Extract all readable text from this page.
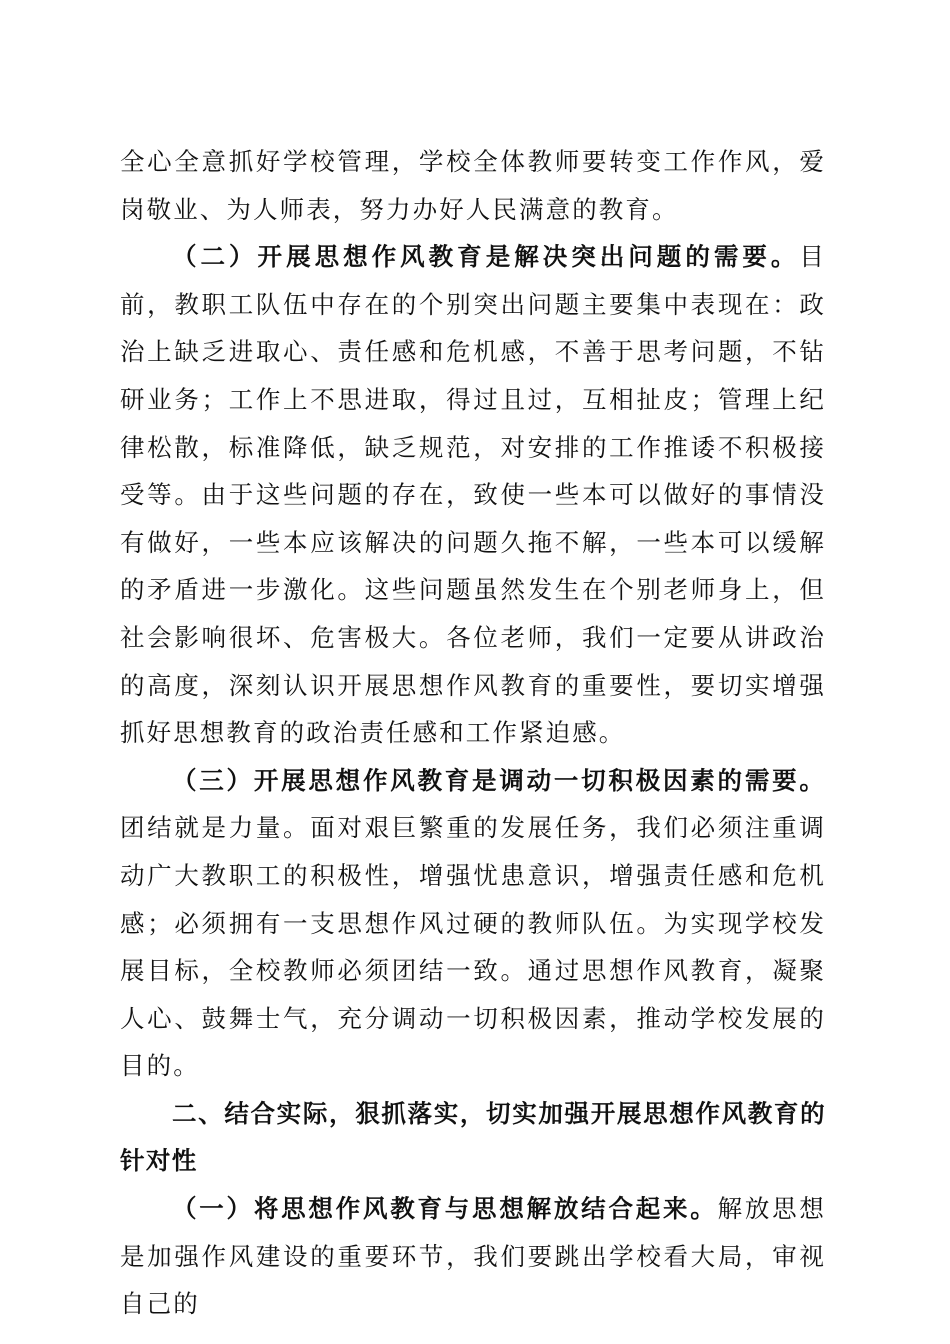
全心全意抓好学校管理，学校全体教师要转变工作作风，爱岗敬业、为人师表，努力办好人民满意的教育。

（二）开展思想作风教育是解决突出问题的需要。目前，教职工队伍中存在的个别突出问题主要集中表现在：政治上缺乏进取心、责任感和危机感，不善于思考问题，不钻研业务；工作上不思进取，得过且过，互相扯皮；管理上纪律松散，标准降低，缺乏规范，对安排的工作推诿不积极接受等。由于这些问题的存在，致使一些本可以做好的事情没有做好，一些本应该解决的问题久拖不解，一些本可以缓解的矛盾进一步激化。这些问题虽然发生在个别老师身上，但社会影响很坏、危害极大。各位老师，我们一定要从讲政治的高度，深刻认识开展思想作风教育的重要性，要切实增强抓好思想教育的政治责任感和工作紧迫感。

（三）开展思想作风教育是调动一切积极因素的需要。团结就是力量。面对艰巨繁重的发展任务，我们必须注重调动广大教职工的积极性，增强忧患意识，增强责任感和危机感；必须拥有一支思想作风过硬的教师队伍。为实现学校发展目标，全校教师必须团结一致。通过思想作风教育，凝聚人心、鼓舞士气，充分调动一切积极因素，推动学校发展的目的。

二、结合实际，狠抓落实，切实加强开展思想作风教育的针对性

（一）将思想作风教育与思想解放结合起来。解放思想是加强作风建设的重要环节，我们要跳出学校看大局，审视自己的
